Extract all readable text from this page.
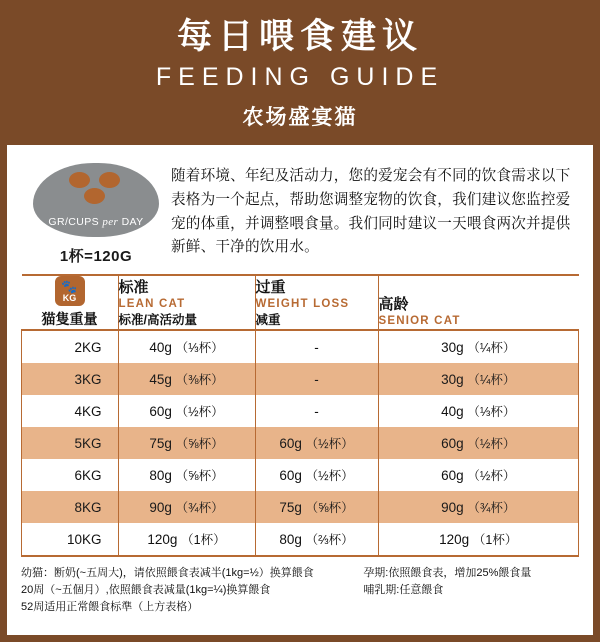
每日喂食建议
FEEDING GUIDE
农场盛宴猫
GR/CUPS per DAY
1杯=120G
随着环境、年纪及活动力，您的爱宠会有不同的饮食需求以下表格为一个起点，帮助您调整宠物的饮食，我们建议您监控爱宠的体重，并调整喂食量。我们同时建议一天喂食两次并提供新鲜、干净的饮用水。
🐾
KG
猫隻重量

标准
LEAN CAT
标准/高活动量

过重
WEIGHT LOSS
减重

高龄
SENIOR CAT

2KG	40g （⅓杯）	-	30g （¼杯）
3KG	45g （⅜杯）	-	30g （¼杯）
4KG	60g （½杯）	-	40g （⅓杯）
5KG	75g （⅝杯）	60g （½杯）	60g （½杯）
6KG	80g （⅝杯）	60g （½杯）	60g （½杯）
8KG	90g （¾杯）	75g （⅝杯）	90g （¾杯）
10KG	120g （1杯）	80g （⅔杯）	120g （1杯）
幼猫：断奶(~五周大)，请依照餵食表减半(1kg=½）换算餵食
20周（~五個月）,依照餵食表减量(1kg=¼)换算餵食
52周适用正常餵食标準（上方表格）
孕期:依照餵食表，增加25%餵食量
哺乳期:任意餵食
